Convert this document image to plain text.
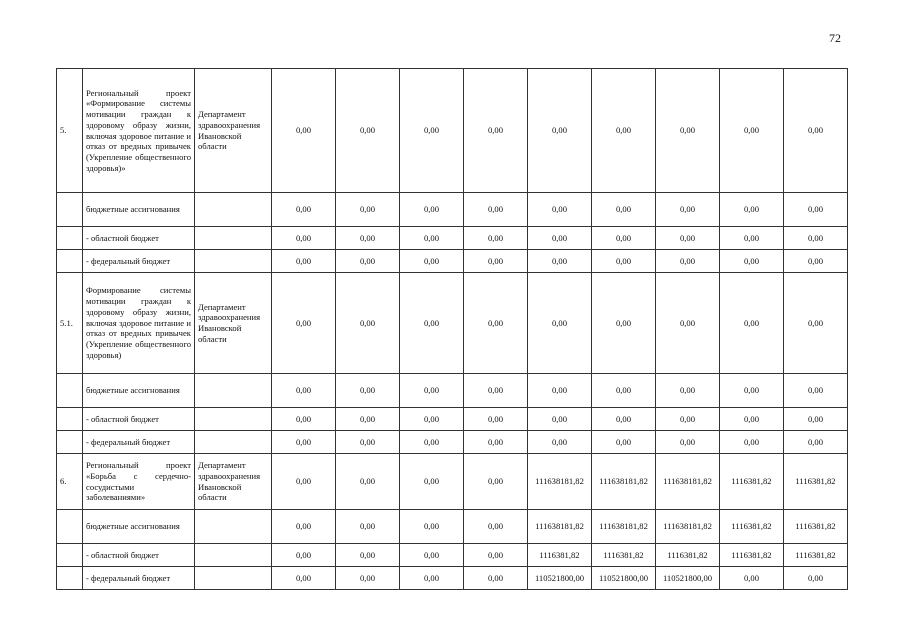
72
5.	Региональный проект «Формирование системы мотивации граждан к здоровому образу жизни, включая здоровое питание и отказ от вредных привычек (Укрепление общественного здоровья)»	Департамент здравоохранения Ивановской области	0,00	0,00	0,00	0,00	0,00	0,00	0,00	0,00	0,00
	бюджетные ассигнования		0,00	0,00	0,00	0,00	0,00	0,00	0,00	0,00	0,00
	- областной бюджет		0,00	0,00	0,00	0,00	0,00	0,00	0,00	0,00	0,00
	- федеральный бюджет		0,00	0,00	0,00	0,00	0,00	0,00	0,00	0,00	0,00
5.1.	Формирование системы мотивации граждан к здоровому образу жизни, включая здоровое питание и отказ от вредных привычек (Укрепление общественного здоровья)	Департамент здравоохранения Ивановской области	0,00	0,00	0,00	0,00	0,00	0,00	0,00	0,00	0,00
	бюджетные ассигнования		0,00	0,00	0,00	0,00	0,00	0,00	0,00	0,00	0,00
	- областной бюджет		0,00	0,00	0,00	0,00	0,00	0,00	0,00	0,00	0,00
	- федеральный бюджет		0,00	0,00	0,00	0,00	0,00	0,00	0,00	0,00	0,00
6.	Региональный проект «Борьба с сердечно-сосудистыми заболеваниями»	Департамент здравоохранения Ивановской области	0,00	0,00	0,00	0,00	111638181,82	111638181,82	111638181,82	1116381,82	1116381,82
	бюджетные ассигнования		0,00	0,00	0,00	0,00	111638181,82	111638181,82	111638181,82	1116381,82	1116381,82
	- областной бюджет		0,00	0,00	0,00	0,00	1116381,82	1116381,82	1116381,82	1116381,82	1116381,82
	- федеральный бюджет		0,00	0,00	0,00	0,00	110521800,00	110521800,00	110521800,00	0,00	0,00
